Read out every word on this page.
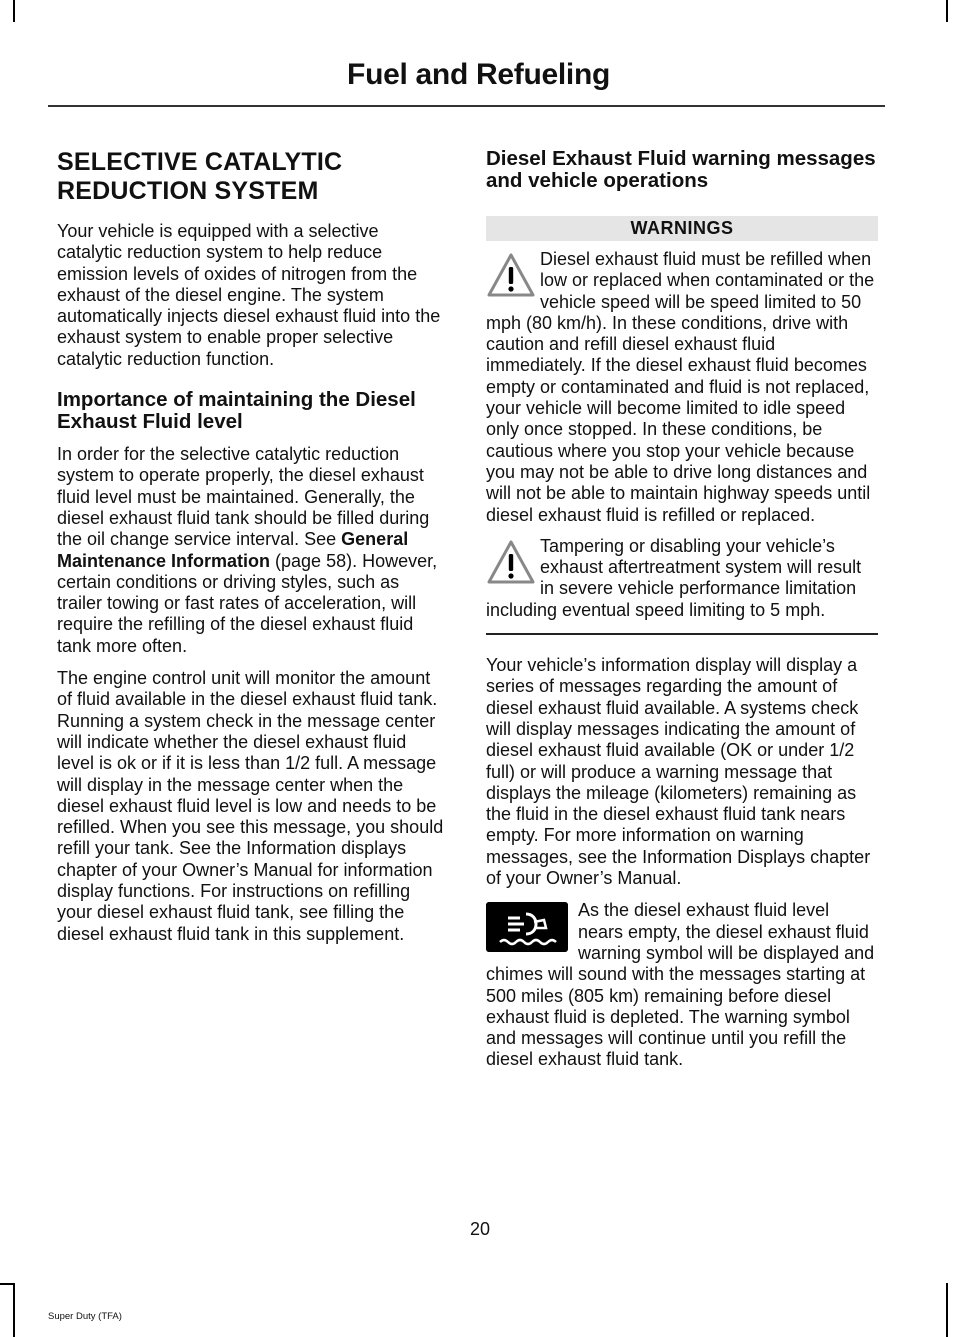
Fuel and Refueling
SELECTIVE CATALYTIC
REDUCTION SYSTEM

Your vehicle is equipped with a selective catalytic reduction system to help reduce emission levels of oxides of nitrogen from the exhaust of the diesel engine. The system automatically injects diesel exhaust fluid into the exhaust system to enable proper selective catalytic reduction function.

Importance of maintaining the Diesel Exhaust Fluid level

In order for the selective catalytic reduction system to operate properly, the diesel exhaust fluid level must be maintained. Generally, the diesel exhaust fluid tank should be filled during the oil change service interval. See General Maintenance Information (page 58). However, certain conditions or driving styles, such as trailer towing or fast rates of acceleration, will require the refilling of the diesel exhaust fluid tank more often.

The engine control unit will monitor the amount of fluid available in the diesel exhaust fluid tank. Running a system check in the message center will indicate whether the diesel exhaust fluid level is ok or if it is less than 1/2 full. A message will display in the message center when the diesel exhaust fluid level is low and needs to be refilled. When you see this message, you should refill your tank. See the Information displays chapter of your Owner’s Manual for information display functions. For instructions on refilling your diesel exhaust fluid tank, see filling the diesel exhaust fluid tank in this supplement.

Diesel Exhaust Fluid warning messages and vehicle operations

WARNINGS

Diesel exhaust fluid must be refilled when low or replaced when contaminated or the vehicle speed will be speed limited to 50 mph (80 km/h). In these conditions, drive with caution and refill diesel exhaust fluid immediately. If the diesel exhaust fluid becomes empty or contaminated and fluid is not replaced, your vehicle will become limited to idle speed only once stopped. In these conditions, be cautious where you stop your vehicle because you may not be able to drive long distances and will not be able to maintain highway speeds until diesel exhaust fluid is refilled or replaced.

Tampering or disabling your vehicle’s exhaust aftertreatment system will result in severe vehicle performance limitation including eventual speed limiting to 5 mph.

Your vehicle’s information display will display a series of messages regarding the amount of diesel exhaust fluid available. A systems check will display messages indicating the amount of diesel exhaust fluid available (OK or under 1/2 full) or will produce a warning message that displays the mileage (kilometers) remaining as the fluid in the diesel exhaust fluid tank nears empty. For more information on warning messages, see the Information Displays chapter of your Owner’s Manual.

As the diesel exhaust fluid level nears empty, the diesel exhaust fluid warning symbol will be displayed and chimes will sound with the messages starting at 500 miles (805 km) remaining before diesel exhaust fluid is depleted. The warning symbol and messages will continue until you refill the diesel exhaust fluid tank.

20
Super Duty (TFA)
